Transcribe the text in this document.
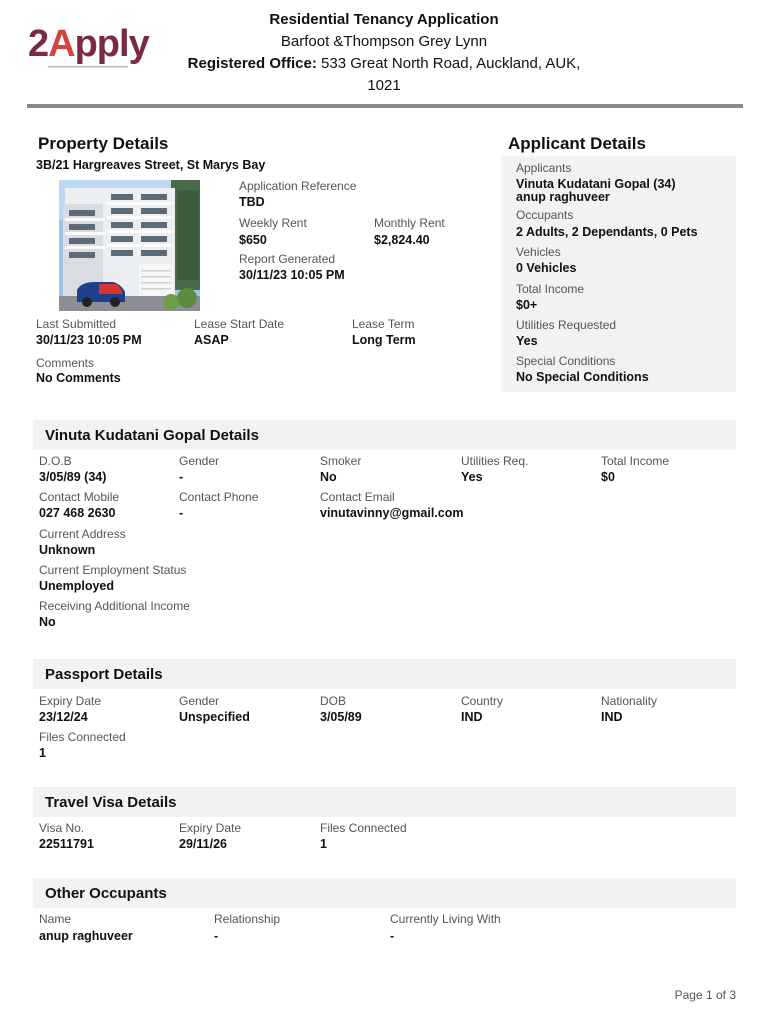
2Apply
Residential Tenancy Application
Barfoot &Thompson Grey Lynn
Registered Office: 533 Great North Road, Auckland, AUK,
1021
Property Details
3B/21 Hargreaves Street, St Marys Bay
Application Reference
TBD
Weekly Rent
$650
Monthly Rent
$2,824.40
Report Generated
30/11/23 10:05 PM
Last Submitted
30/11/23 10:05 PM
Lease Start Date
ASAP
Lease Term
Long Term
Comments
No Comments
Applicant Details
Applicants
Vinuta Kudatani Gopal (34)
anup raghuveer
Occupants
2 Adults, 2 Dependants, 0 Pets
Vehicles
0 Vehicles
Total Income
$0+
Utilities Requested
Yes
Special Conditions
No Special Conditions
Vinuta Kudatani Gopal Details
D.O.B
3/05/89 (34)
Gender
-
Smoker
No
Utilities Req.
Yes
Total Income
$0
Contact Mobile
027 468 2630
Contact Phone
-
Contact Email
vinutavinny@gmail.com
Current Address
Unknown
Current Employment Status
Unemployed
Receiving Additional Income
No
Passport Details
Expiry Date
23/12/24
Gender
Unspecified
DOB
3/05/89
Country
IND
Nationality
IND
Files Connected
1
Travel Visa Details
Visa No.
22511791
Expiry Date
29/11/26
Files Connected
1
Other Occupants
Name
anup raghuveer
Relationship
-
Currently Living With
-
Page 1 of 3
